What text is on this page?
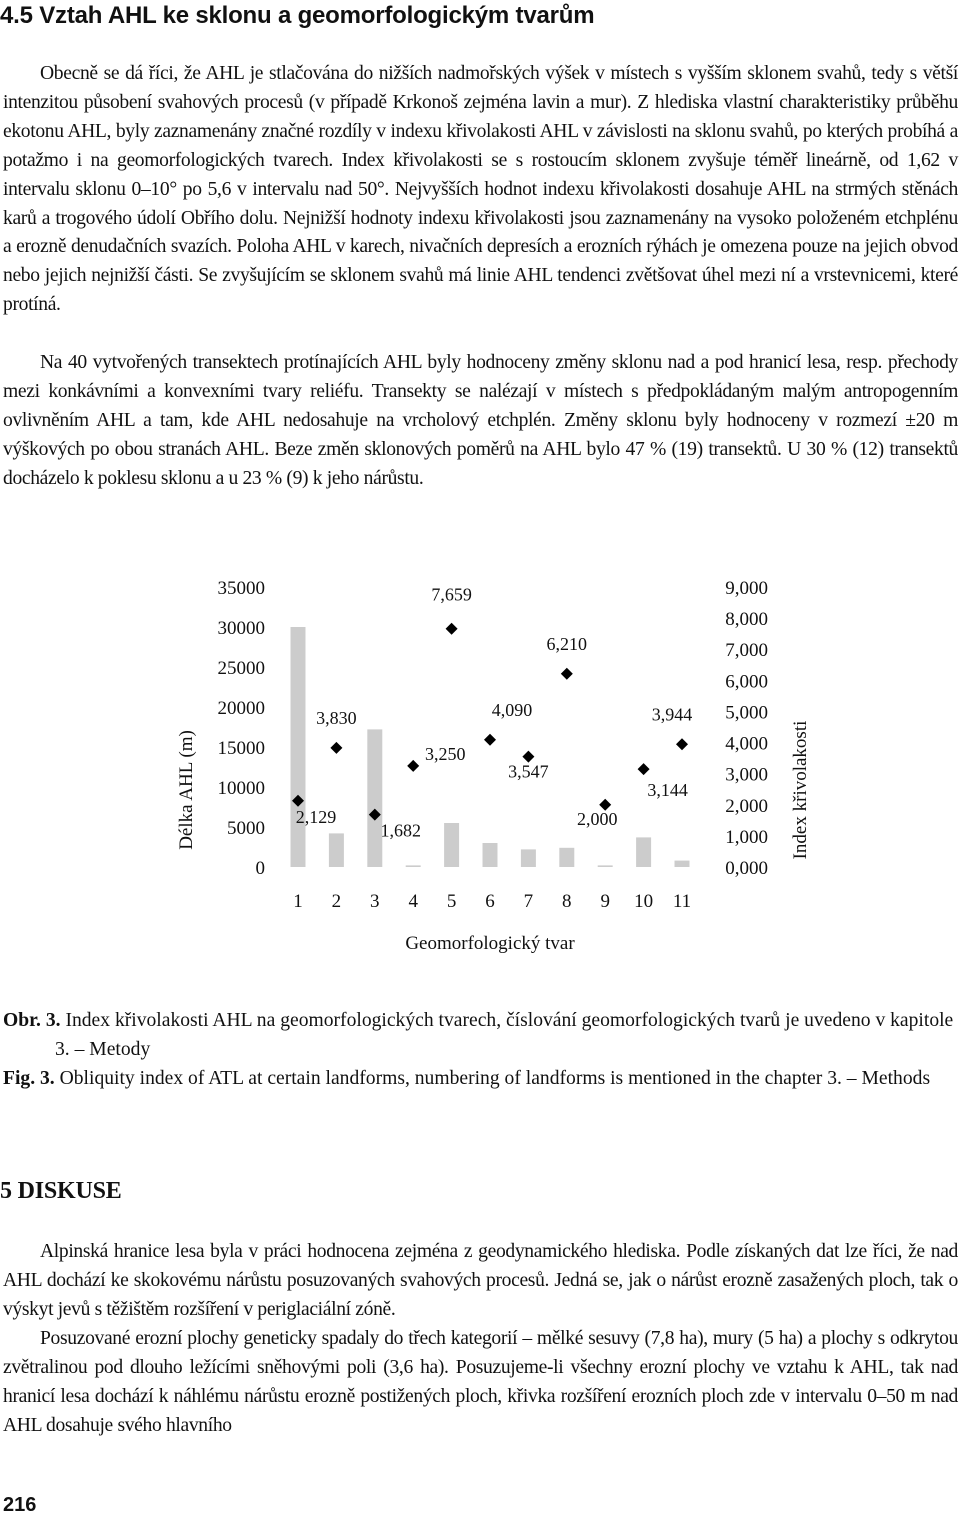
4.5 Vztah AHL ke sklonu a geomorfologickým tvarům

Obecně se dá říci, že AHL je stlačována do nižších nadmořských výšek v místech s vyšším sklonem svahů, tedy s větší intenzitou působení svahových procesů (v případě Krkonoš zejména lavin a mur). Z hlediska vlastní charakteristiky průběhu ekotonu AHL, byly zaznamenány značné rozdíly v indexu křivolakosti AHL v závislosti na sklonu svahů, po kterých probíhá a potažmo i na geomorfologických tvarech. Index křivolakosti se s rostoucím sklonem zvyšuje téměř lineárně, od 1,62 v intervalu sklonu 0–10° po 5,6 v intervalu nad 50°. Nejvyšších hodnot indexu křivolakosti dosahuje AHL na strmých stěnách karů a trogového údolí Obřího dolu. Nejnižší hodnoty indexu křivolakosti jsou zaznamenány na vysoko položeném etchplénu a erozně denudačních svazích. Poloha AHL v karech, nivačních depresích a erozních rýhách je omezena pouze na jejich obvod nebo jejich nejnižší části. Se zvyšujícím se sklonem svahů má linie AHL tendenci zvětšovat úhel mezi ní a vrstevnicemi, které protíná.

Na 40 vytvořených transektech protínajících AHL byly hodnoceny změny sklonu nad a pod hranicí lesa, resp. přechody mezi konkávními a konvexními tvary reliéfu. Transekty se nalézají v místech s předpokládaným malým antropogenním ovlivněním AHL a tam, kde AHL nedosahuje na vrcholový etchplén. Změny sklonu byly hodnoceny v rozmezí ±20 m výškových po obou stranách AHL. Beze změn sklonových poměrů na AHL bylo 47 % (19) transektů. U 30 % (12) transektů docházelo k poklesu sklonu a u 23 % (9) k jeho nárůstu.

35000
30000
25000
20000
15000
10000
5000
0
9,000
8,000
7,000
6,000
5,000
4,000
3,000
2,000
1,000
0,000
1 2 3 4 5 6 7 8 9 10 11
2,129
3,830
1,682
3,250
7,659
4,090
3,547
6,210
2,000
3,144
3,944
Délka AHL (m)	Index křivolakosti
Geomorfologický tvar

Obr. 3. Index křivolakosti AHL na geomorfologických tvarech, číslování geomorfologických tvarů je uvedeno v kapitole 3. – Metody

Fig. 3. Obliquity index of ATL at certain landforms, numbering of landforms is mentioned in the chapter 3. – Methods

5 DISKUSE

Alpinská hranice lesa byla v práci hodnocena zejména z geodynamického hlediska. Podle získaných dat lze říci, že nad AHL dochází ke skokovému nárůstu posuzovaných svahových procesů. Jedná se, jak o nárůst erozně zasažených ploch, tak o výskyt jevů s těžištěm rozšíření v periglaciální zóně.

Posuzované erozní plochy geneticky spadaly do třech kategorií – mělké sesuvy (7,8 ha), mury (5 ha) a plochy s odkrytou zvětralinou pod dlouho ležícími sněhovými poli (3,6 ha). Posuzujeme-li všechny erozní plochy ve vztahu k AHL, tak nad hranicí lesa dochází k náhlému nárůstu erozně postižených ploch, křivka rozšíření erozních ploch zde v intervalu 0–50 m nad AHL dosahuje svého hlavního

216
